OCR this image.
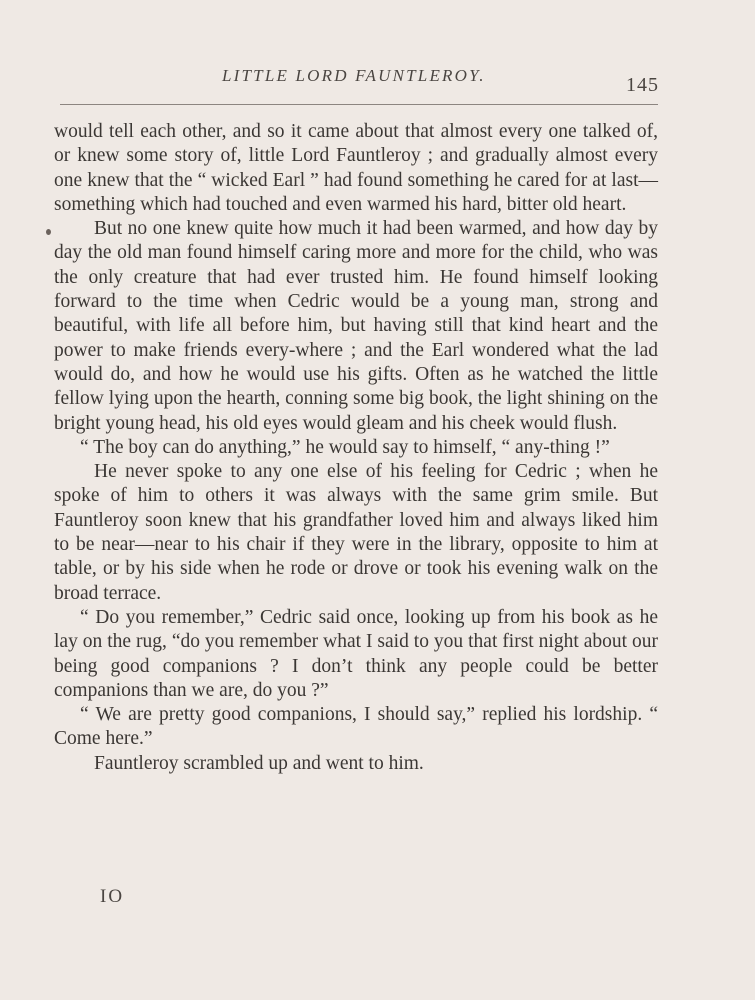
LITTLE LORD FAUNTLEROY.	145

would tell each other, and so it came about that almost every one talked of, or knew some story of, little Lord Fauntleroy ; and gradually almost every one knew that the “ wicked Earl ” had found something he cared for at last—something which had touched and even warmed his hard, bitter old heart.

But no one knew quite how much it had been warmed, and how day by day the old man found himself caring more and more for the child, who was the only creature that had ever trusted him. He found himself looking forward to the time when Cedric would be a young man, strong and beautiful, with life all before him, but having still that kind heart and the power to make friends every-where ; and the Earl wondered what the lad would do, and how he would use his gifts. Often as he watched the little fellow lying upon the hearth, conning some big book, the light shining on the bright young head, his old eyes would gleam and his cheek would flush.

“ The boy can do anything,” he would say to himself, “ any-thing !”

He never spoke to any one else of his feeling for Cedric ; when he spoke of him to others it was always with the same grim smile. But Fauntleroy soon knew that his grandfather loved him and always liked him to be near—near to his chair if they were in the library, opposite to him at table, or by his side when he rode or drove or took his evening walk on the broad terrace.

“ Do you remember,” Cedric said once, looking up from his book as he lay on the rug, “do you remember what I said to you that first night about our being good companions ? I don’t think any people could be better companions than we are, do you ?”

“ We are pretty good companions, I should say,” replied his lordship. “ Come here.”

Fauntleroy scrambled up and went to him.

IO
